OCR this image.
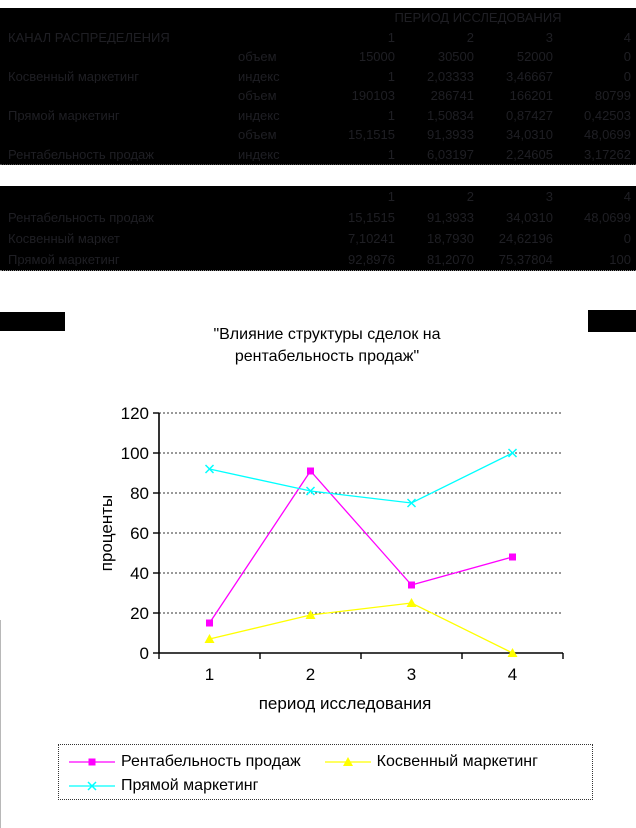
ПЕРИОД ИССЛЕДОВАНИЯ
КАНАЛ РАСПРЕДЕЛЕНИЯ	1	2	3	4
объем	15000	30500	52000	0
Косвенный маркетинг	индекс	1	2,03333	3,46667	0
объем	190103	286741	166201	80799
Прямой маркетинг	индекс	1	1,50834	0,87427	0,42503
объем	15,1515	91,3933	34,0310	48,0699
Рентабельность продаж	индекс	1	6,03197	2,24605	3,17262
1	2	3	4
Рентабельность продаж	15,1515	91,3933	34,0310	48,0699
Косвенный маркет	7,10241	18,7930	24,62196	0
Прямой маркетинг	92,8976	81,2070	75,37804	100
"Влияние структуры сделок на
рентабельность продаж"
0
20
40
60
80
100
120
1	2	3	4
период исследования
проценты
Рентабельность продаж	Косвенный маркетинг
Прямой маркетинг
